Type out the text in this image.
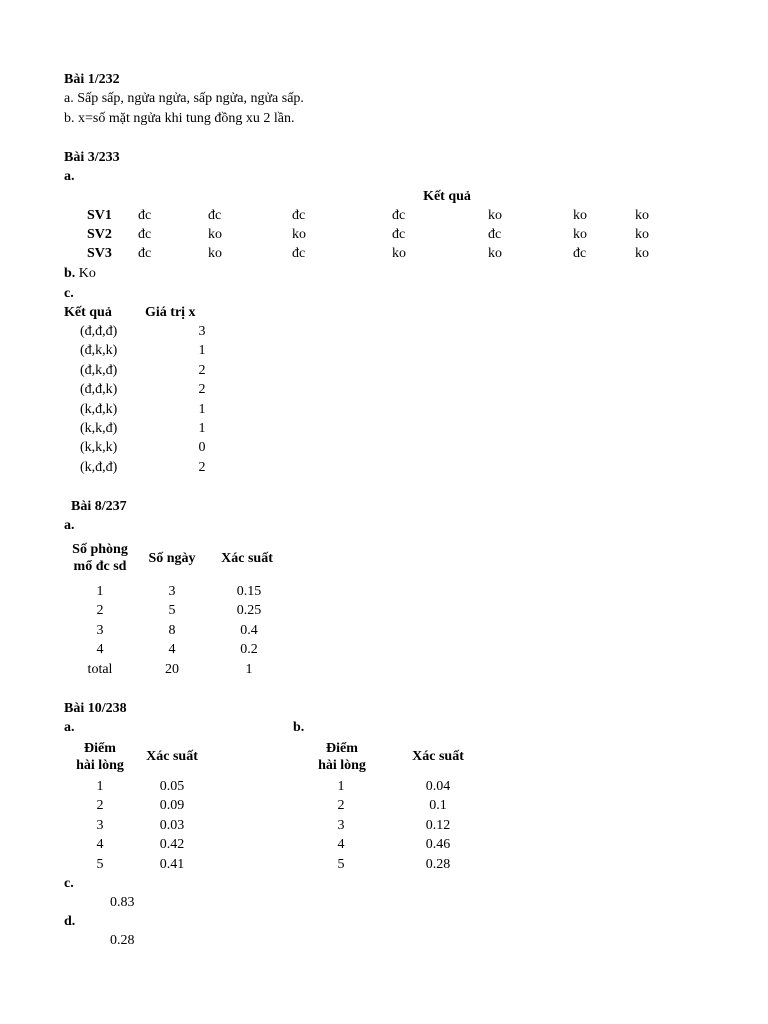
Bài 1/232
a. Sấp sấp, ngửa ngửa, sấp ngửa, ngửa sấp.
b. x=số mặt ngửa khi tung đồng xu 2 lần.
Bài 3/233
a.
Kết quả
SV1 đc	đc	đc	đc	ko	ko	ko
SV2 đc	ko	ko	đc	đc	ko	ko
SV3 đc	ko	đc	ko	ko	đc	ko
b. Ko
c.
Kết quả Giá trị x
(đ,đ,đ)	3
(đ,k,k)	1
(đ,k,đ)	2
(đ,đ,k)	2
(k,đ,k)	1
(k,k,đ)	1
(k,k,k)	0
(k,đ,đ)	2
Bài 8/237
a.
Số phòng
mổ đc sd
Số ngày Xác suất
1	3	0.15
2	5	0.25
3	8	0.4
4	4	0.2
total	20	1
Bài 10/238
a.	b.
Điểm
hài lòng
Xác suất
Điểm
hài lòng
Xác suất
1	0.05
2	0.09
3	0.03
4	0.42
5	0.41
1	0.04
2	0.1
3	0.12
4	0.46
5	0.28
c.
0.83
d.
0.28
